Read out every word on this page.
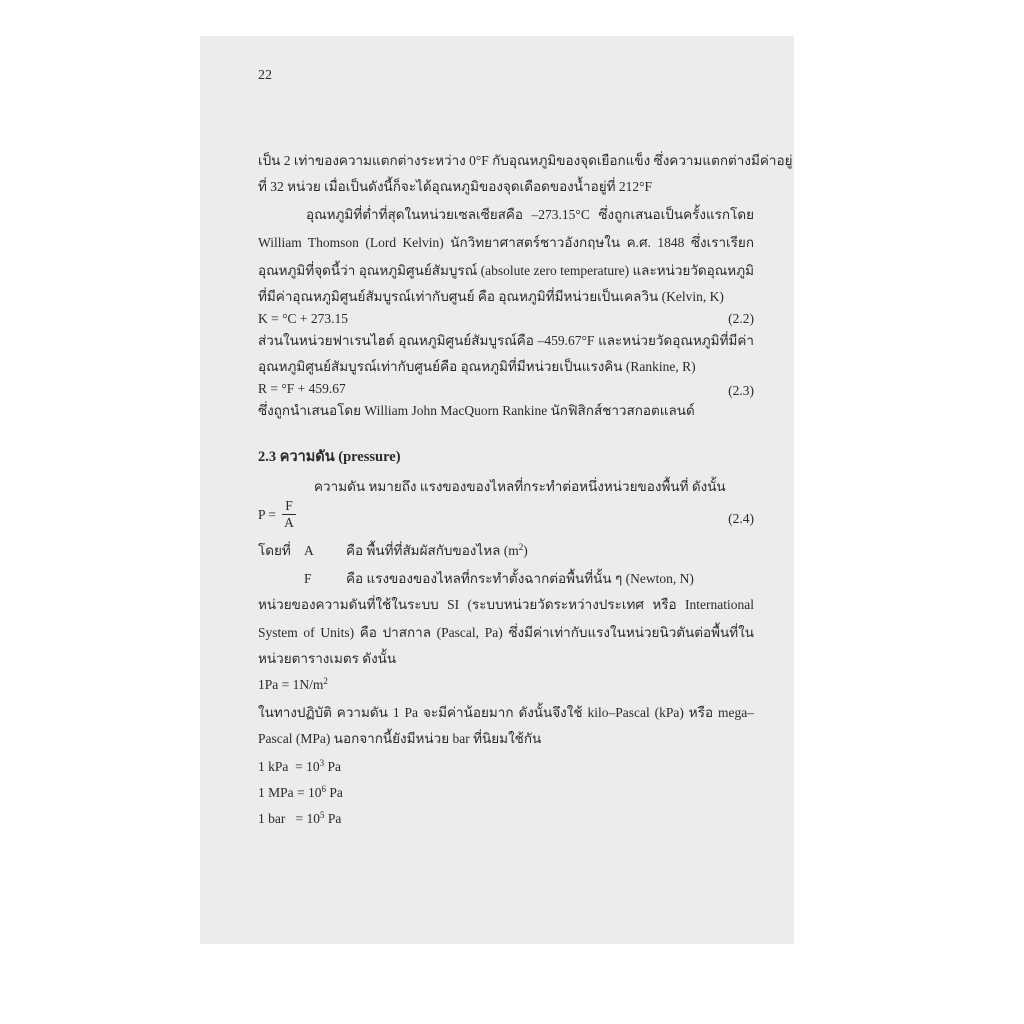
22
เป็น 2 เท่าของความแตกต่างระหว่าง 0°F กับอุณหภูมิของจุดเยือกแข็ง ซึ่งความแตกต่างมีค่าอยู่
ที่ 32 หน่วย เมื่อเป็นดังนี้ก็จะได้อุณหภูมิของจุดเดือดของน้ำอยู่ที่ 212°F
อุณหภูมิที่ต่ำที่สุดในหน่วยเซลเซียสคือ –273.15°C ซึ่งถูกเสนอเป็นครั้งแรกโดย
William Thomson (Lord Kelvin) นักวิทยาศาสตร์ชาวอังกฤษใน ค.ศ. 1848 ซึ่งเราเรียก
อุณหภูมิที่จุดนี้ว่า อุณหภูมิศูนย์สัมบูรณ์ (absolute zero temperature) และหน่วยวัดอุณหภูมิ
ที่มีค่าอุณหภูมิศูนย์สัมบูรณ์เท่ากับศูนย์ คือ อุณหภูมิที่มีหน่วยเป็นเคลวิน (Kelvin, K)
K = °C + 273.15	(2.2)
ส่วนในหน่วยฟาเรนไฮต์ อุณหภูมิศูนย์สัมบูรณ์คือ –459.67°F และหน่วยวัดอุณหภูมิที่มีค่า
อุณหภูมิศูนย์สัมบูรณ์เท่ากับศูนย์คือ อุณหภูมิที่มีหน่วยเป็นแรงคิน (Rankine, R)
R = °F + 459.67	(2.3)
ซึ่งถูกนำเสนอโดย William John MacQuorn Rankine นักฟิสิกส์ชาวสกอตแลนด์
2.3 ความดัน (pressure)
ความดัน หมายถึง แรงของของไหลที่กระทำต่อหนึ่งหน่วยของพื้นที่ ดังนั้น
P =
F
A	(2.4)
โดยที่ A คือ พื้นที่ที่สัมผัสกับของไหล $(m^2)$
F	คือ แรงของของไหลที่กระทำตั้งฉากต่อพื้นที่นั้น ๆ (Newton, N)
หน่วยของความดันที่ใช้ในระบบ SI (ระบบหน่วยวัดระหว่างประเทศ หรือ International
System of Units) คือ ปาสกาล (Pascal, Pa) ซึ่งมีค่าเท่ากับแรงในหน่วยนิวตันต่อพื้นที่ใน
หน่วยตารางเมตร ดังนั้น
$1Pa = 1N/m^2$
ในทางปฏิบัติ ความดัน 1 Pa จะมีค่าน้อยมาก ดังนั้นจึงใช้ kilo–Pascal (kPa) หรือ mega–
Pascal (MPa) นอกจากนี้ยังมีหน่วย bar ที่นิยมใช้กัน
1 kPa  = $10^3$ Pa
1 MPa = $10^6$ Pa
1 bar   = $10^5$ Pa
